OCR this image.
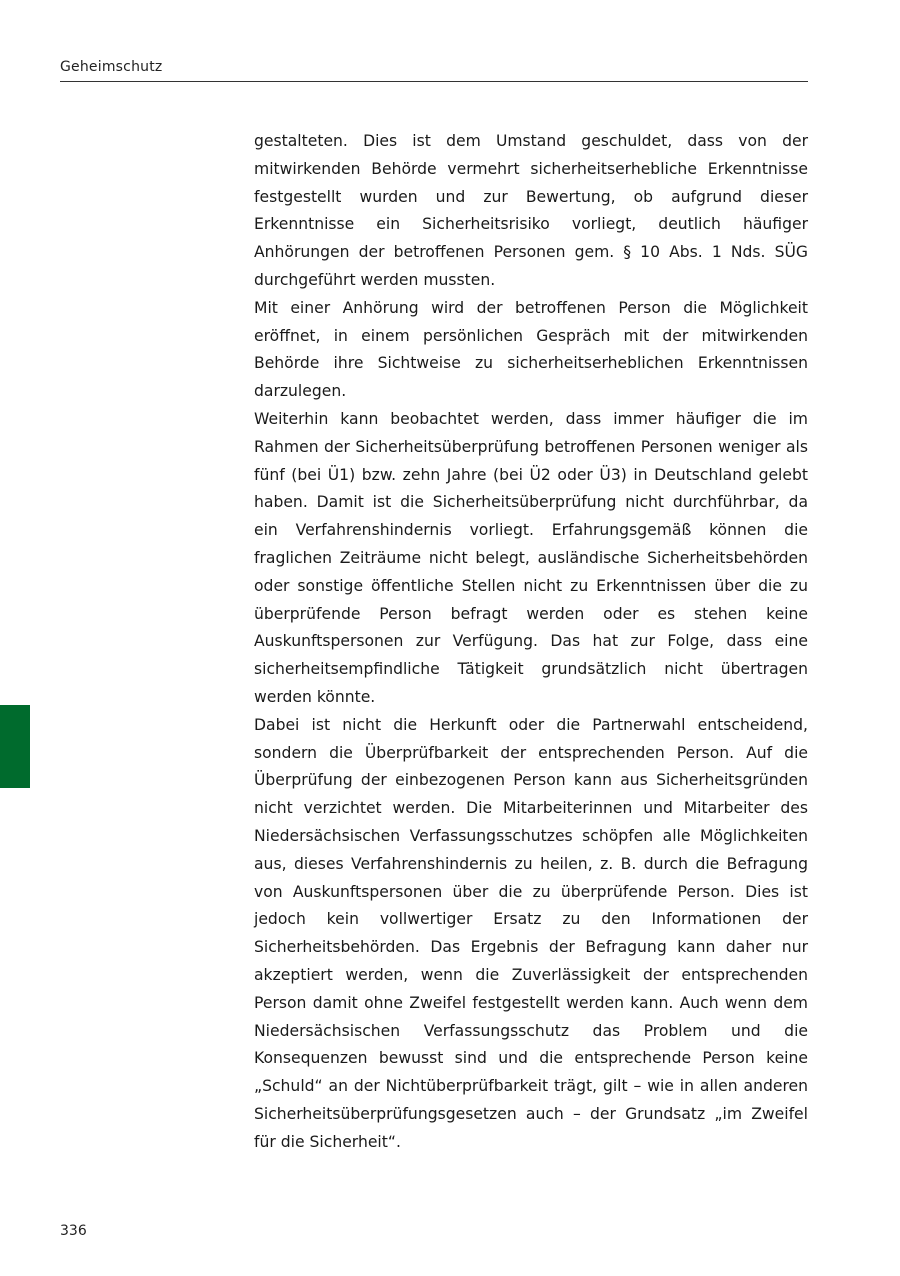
Geheimschutz

gestalteten. Dies ist dem Umstand geschuldet, dass von der mitwirkenden Behörde vermehrt sicherheitserhebliche Erkenntnisse festgestellt wurden und zur Bewertung, ob aufgrund dieser Erkenntnisse ein Sicherheitsrisiko vorliegt, deutlich häufiger Anhörungen der betroffenen Personen gem. § 10 Abs. 1 Nds. SÜG durchgeführt werden mussten.

Mit einer Anhörung wird der betroffenen Person die Möglichkeit eröffnet, in einem persönlichen Gespräch mit der mitwirkenden Behörde ihre Sichtweise zu sicherheitserheblichen Erkenntnissen darzulegen.

Weiterhin kann beobachtet werden, dass immer häufiger die im Rahmen der Sicherheitsüberprüfung betroffenen Personen weniger als fünf (bei Ü1) bzw. zehn Jahre (bei Ü2 oder Ü3) in Deutschland gelebt haben. Damit ist die Sicherheitsüberprüfung nicht durchführbar, da ein Verfahrenshindernis vorliegt. Erfahrungsgemäß können die fraglichen Zeiträume nicht belegt, ausländische Sicherheitsbehörden oder sonstige öffentliche Stellen nicht zu Erkenntnissen über die zu überprüfende Person befragt werden oder es stehen keine Auskunftspersonen zur Verfügung. Das hat zur Folge, dass eine sicherheitsempfindliche Tätigkeit grundsätzlich nicht übertragen werden könnte.

Dabei ist nicht die Herkunft oder die Partnerwahl entscheidend, sondern die Überprüfbarkeit der entsprechenden Person. Auf die Überprüfung der einbezogenen Person kann aus Sicherheitsgründen nicht verzichtet werden. Die Mitarbeiterinnen und Mitarbeiter des Niedersächsischen Verfassungsschutzes schöpfen alle Möglichkeiten aus, dieses Verfahrenshindernis zu heilen, z. B. durch die Befragung von Auskunftspersonen über die zu überprüfende Person. Dies ist jedoch kein vollwertiger Ersatz zu den Informationen der Sicherheitsbehörden. Das Ergebnis der Befragung kann daher nur akzeptiert werden, wenn die Zuverlässigkeit der entsprechenden Person damit ohne Zweifel festgestellt werden kann. Auch wenn dem Niedersächsischen Verfassungsschutz das Problem und die Konsequenzen bewusst sind und die entsprechende Person keine „Schuld“ an der Nichtüberprüfbarkeit trägt, gilt – wie in allen anderen Sicherheitsüberprüfungsgesetzen auch – der Grundsatz „im Zweifel für die Sicherheit“.

336
